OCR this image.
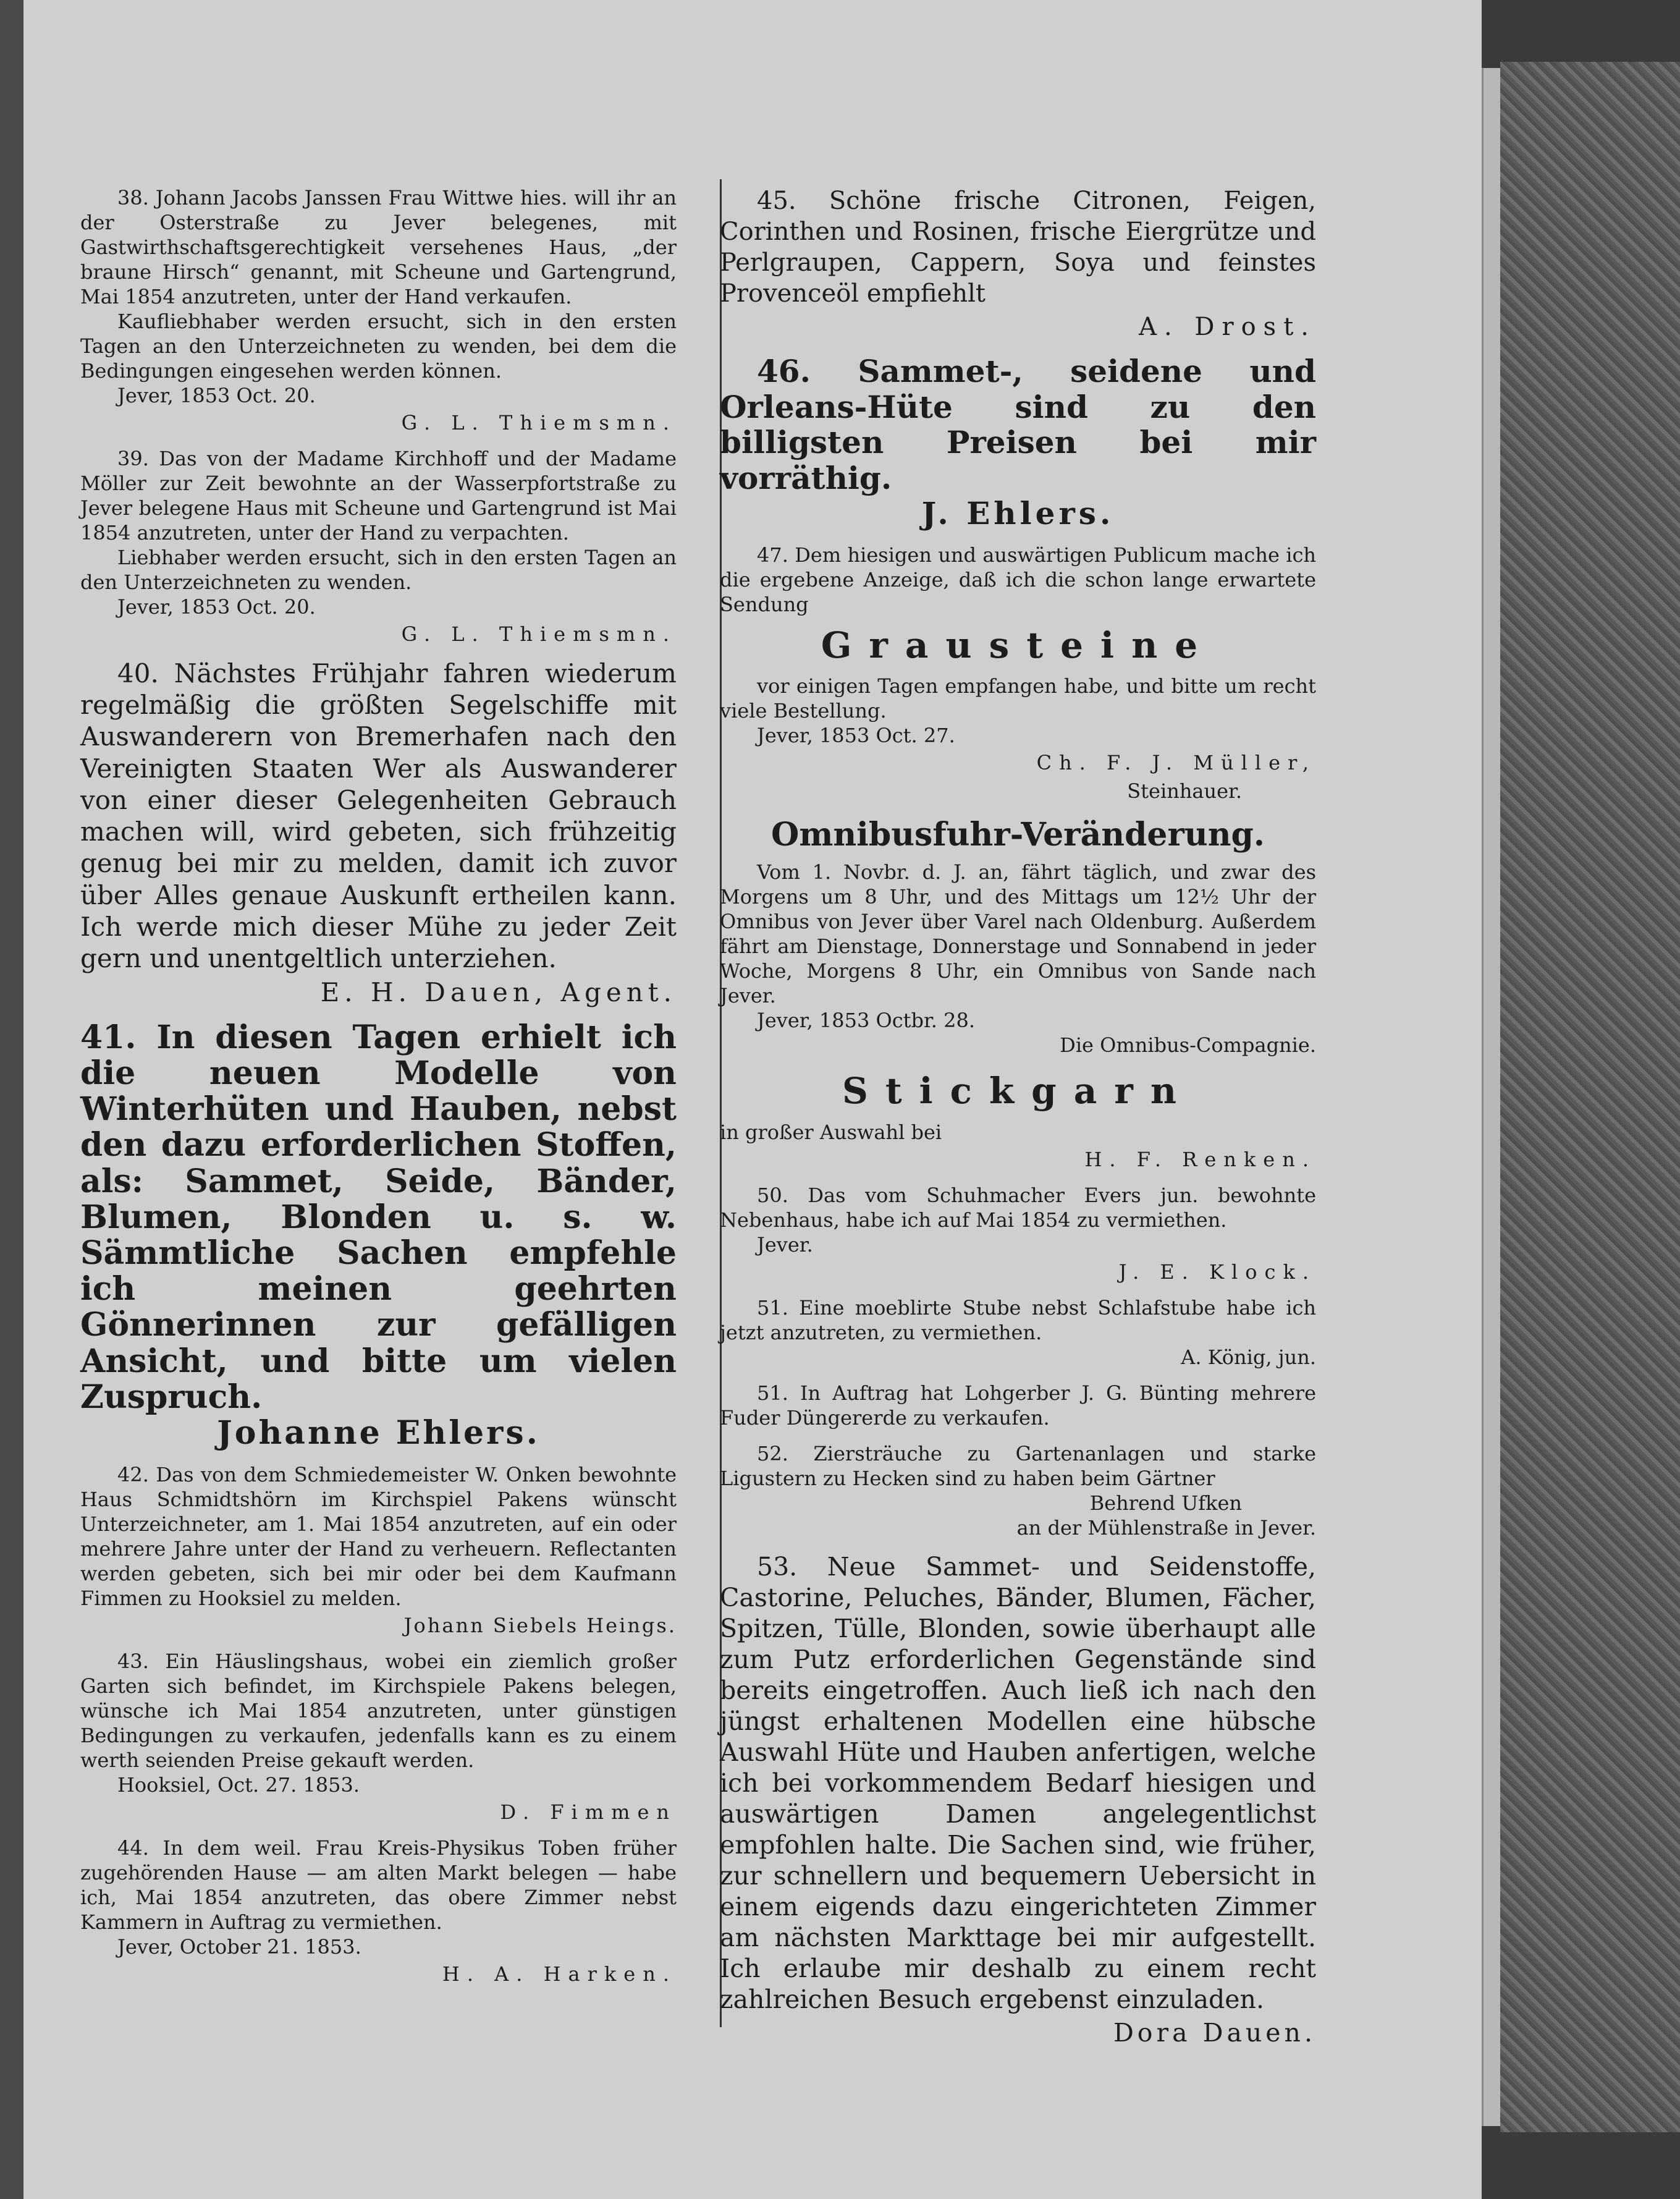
38. Johann Jacobs Janssen Frau Wittwe hies. will ihr an der Osterstraße zu Jever belegenes, mit Gastwirthschaftsgerechtigkeit versehenes Haus, „der braune Hirsch“ genannt, mit Scheune und Gartengrund, Mai 1854 anzutreten, unter der Hand verkaufen.

Kaufliebhaber werden ersucht, sich in den ersten Tagen an den Unterzeichneten zu wenden, bei dem die Bedingungen eingesehen werden können.

Jever, 1853 Oct. 20.

G. L. Thiemsmn.

39. Das von der Madame Kirchhoff und der Madame Möller zur Zeit bewohnte an der Wasserpfortstraße zu Jever belegene Haus mit Scheune und Gartengrund ist Mai 1854 anzutreten, unter der Hand zu verpachten.

Liebhaber werden ersucht, sich in den ersten Tagen an den Unterzeichneten zu wenden.

Jever, 1853 Oct. 20.

G. L. Thiemsmn.

40. Nächstes Frühjahr fahren wiederum regelmäßig die größten Segelschiffe mit Auswanderern von Bremerhafen nach den Vereinigten Staaten Wer als Auswanderer von einer dieser Gelegenheiten Gebrauch machen will, wird gebeten, sich frühzeitig genug bei mir zu melden, damit ich zuvor über Alles genaue Auskunft ertheilen kann. Ich werde mich dieser Mühe zu jeder Zeit gern und unentgeltlich unterziehen.

E. H. Dauen, Agent.

41. In diesen Tagen erhielt ich die neuen Modelle von Winterhüten und Hauben, nebst den dazu erforderlichen Stoffen, als: Sammet, Seide, Bänder, Blumen, Blonden u. s. w. Sämmtliche Sachen empfehle ich meinen geehrten Gönnerinnen zur gefälligen Ansicht, und bitte um vielen Zuspruch.

Johanne Ehlers.

42. Das von dem Schmiedemeister W. Onken bewohnte Haus Schmidtshörn im Kirchspiel Pakens wünscht Unterzeichneter, am 1. Mai 1854 anzutreten, auf ein oder mehrere Jahre unter der Hand zu verheuern. Reflectanten werden gebeten, sich bei mir oder bei dem Kaufmann Fimmen zu Hooksiel zu melden.

Johann Siebels Heings.

43. Ein Häuslingshaus, wobei ein ziemlich großer Garten sich befindet, im Kirchspiele Pakens belegen, wünsche ich Mai 1854 anzutreten, unter günstigen Bedingungen zu verkaufen, jedenfalls kann es zu einem werth seienden Preise gekauft werden.

Hooksiel, Oct. 27. 1853.

D. Fimmen

44. In dem weil. Frau Kreis-Physikus Toben früher zugehörenden Hause — am alten Markt belegen — habe ich, Mai 1854 anzutreten, das obere Zimmer nebst Kammern in Auftrag zu vermiethen.

Jever, October 21. 1853.

H. A. Harken.

45. Schöne frische Citronen, Feigen, Corinthen und Rosinen, frische Eiergrütze und Perlgraupen, Cappern, Soya und feinstes Provenceöl empfiehlt

A. Drost.

46. Sammet-, seidene und Orleans-Hüte sind zu den billigsten Preisen bei mir vorräthig.

J. Ehlers.

47. Dem hiesigen und auswärtigen Publicum mache ich die ergebene Anzeige, daß ich die schon lange erwartete Sendung

Grausteine

vor einigen Tagen empfangen habe, und bitte um recht viele Bestellung.

Jever, 1853 Oct. 27.

Ch. F. J. Müller,
Steinhauer.
Omnibusfuhr-Veränderung.

Vom 1. Novbr. d. J. an, fährt täglich, und zwar des Morgens um 8 Uhr, und des Mittags um 12½ Uhr der Omnibus von Jever über Varel nach Oldenburg. Außerdem fährt am Dienstage, Donnerstage und Sonnabend in jeder Woche, Morgens 8 Uhr, ein Omnibus von Sande nach Jever.

Jever, 1853 Octbr. 28.

Die Omnibus-Compagnie.
Stickgarn

in großer Auswahl bei

H. F. Renken.

50. Das vom Schuhmacher Evers jun. bewohnte Nebenhaus, habe ich auf Mai 1854 zu vermiethen.

Jever.

J. E. Klock.

51. Eine moeblirte Stube nebst Schlafstube habe ich jetzt anzutreten, zu vermiethen.

A. König, jun.

51. In Auftrag hat Lohgerber J. G. Bünting mehrere Fuder Düngererde zu verkaufen.

52. Ziersträuche zu Gartenanlagen und starke Ligustern zu Hecken sind zu haben beim Gärtner

Behrend Ufken
an der Mühlenstraße in Jever.

53. Neue Sammet- und Seidenstoffe, Castorine, Peluches, Bänder, Blumen, Fächer, Spitzen, Tülle, Blonden, sowie überhaupt alle zum Putz erforderlichen Gegenstände sind bereits eingetroffen. Auch ließ ich nach den jüngst erhaltenen Modellen eine hübsche Auswahl Hüte und Hauben anfertigen, welche ich bei vorkommendem Bedarf hiesigen und auswärtigen Damen angelegentlichst empfohlen halte. Die Sachen sind, wie früher, zur schnellern und bequemern Uebersicht in einem eigends dazu eingerichteten Zimmer am nächsten Markttage bei mir aufgestellt. Ich erlaube mir deshalb zu einem recht zahlreichen Besuch ergebenst einzuladen.

Dora Dauen.
